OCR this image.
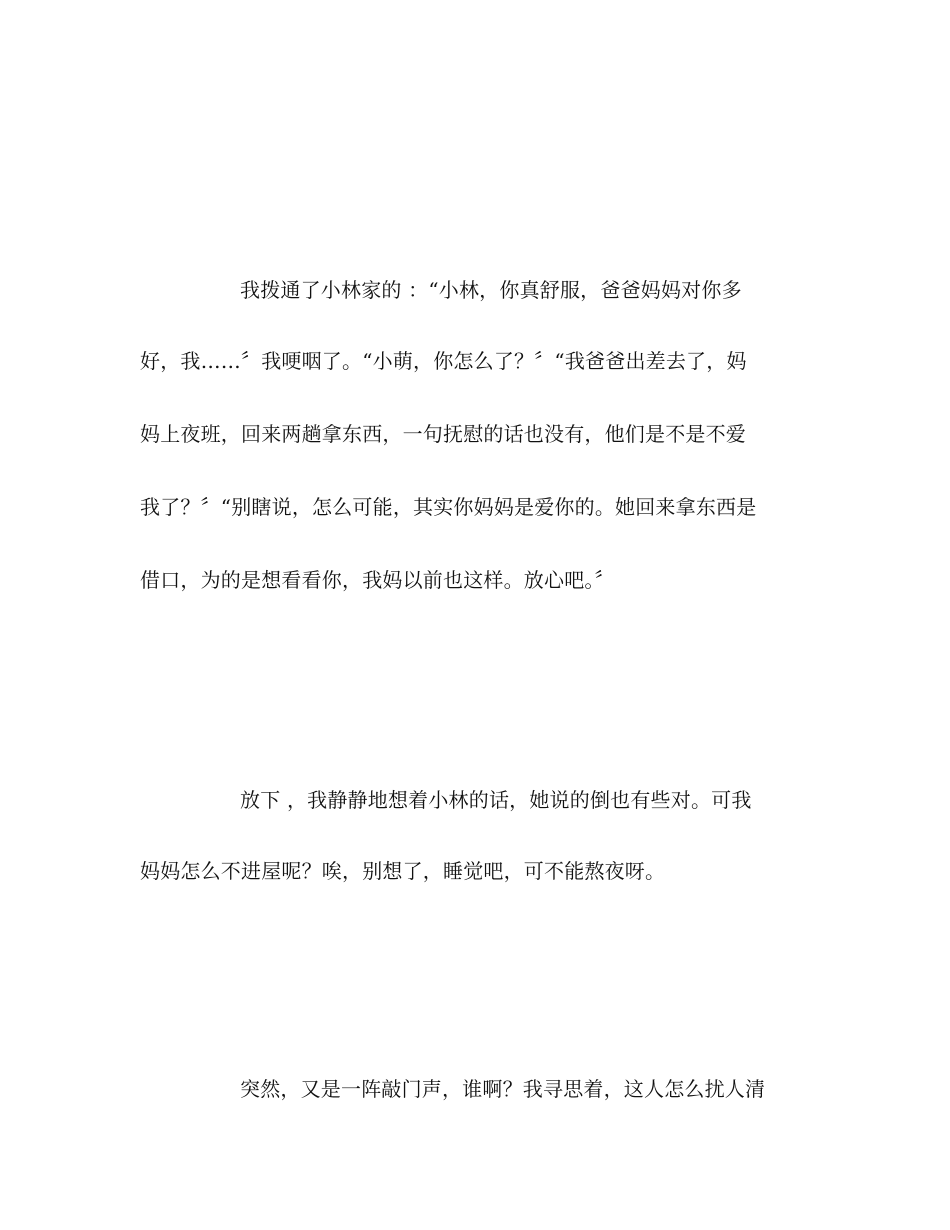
我拨通了小林家的 ：“小林，你真舒服，爸爸妈妈对你多
好，我……〞我哽咽了。“小萌，你怎么了？〞“我爸爸出差去了，妈
妈上夜班，回来两趟拿东西，一句抚慰的话也没有，他们是不是不爱
我了？〞“别瞎说，怎么可能，其实你妈妈是爱你的。她回来拿东西是
借口，为的是想看看你，我妈以前也这样。放心吧。〞
放下 ，我静静地想着小林的话，她说的倒也有些对。可我
妈妈怎么不进屋呢？唉，别想了，睡觉吧，可不能熬夜呀。
突然，又是一阵敲门声，谁啊？我寻思着，这人怎么扰人清
